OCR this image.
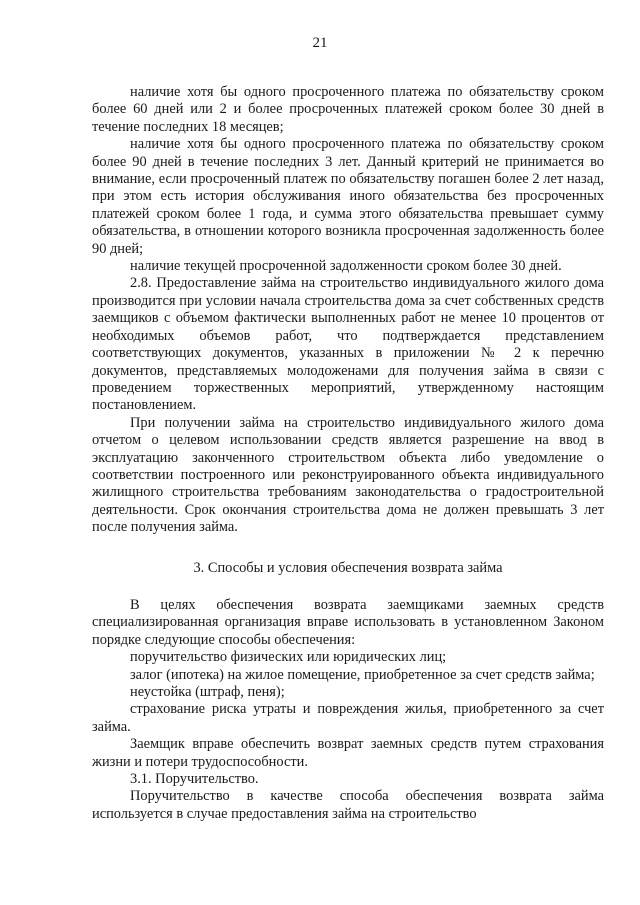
21

наличие хотя бы одного просроченного платежа по обязательству сроком более 60 дней или 2 и более просроченных платежей сроком более 30 дней в течение последних 18 месяцев;

наличие хотя бы одного просроченного платежа по обязательству сроком более 90 дней в течение последних 3 лет. Данный критерий не принимается во внимание, если просроченный платеж по обязательству погашен более 2 лет назад, при этом есть история обслуживания иного обязательства без просроченных платежей сроком более 1 года, и сумма этого обязательства превышает сумму обязательства, в отношении которого возникла просроченная задолженность более 90 дней;

наличие текущей просроченной задолженности сроком более 30 дней.

2.8. Предоставление займа на строительство индивидуального жилого дома производится при условии начала строительства дома за счет собственных средств заемщиков с объемом фактически выполненных работ не менее 10 процентов от необходимых объемов работ, что подтверждается представлением соответствующих документов, указанных в приложении № 2 к перечню документов, представляемых молодоженами для получения займа в связи с проведением торжественных мероприятий, утвержденному настоящим постановлением.

При получении займа на строительство индивидуального жилого дома отчетом о целевом использовании средств является разрешение на ввод в эксплуатацию законченного строительством объекта либо уведомление о соответствии построенного или реконструированного объекта индивидуального жилищного строительства требованиям законодательства о градостроительной деятельности. Срок окончания строительства дома не должен превышать 3 лет после получения займа.

3. Способы и условия обеспечения возврата займа

В целях обеспечения возврата заемщиками заемных средств специализированная организация вправе использовать в установленном Законом порядке следующие способы обеспечения:

поручительство физических или юридических лиц;

залог (ипотека) на жилое помещение, приобретенное за счет средств займа;

неустойка (штраф, пеня);

страхование риска утраты и повреждения жилья, приобретенного за счет займа.

Заемщик вправе обеспечить возврат заемных средств путем страхования жизни и потери трудоспособности.

3.1. Поручительство.

Поручительство в качестве способа обеспечения возврата займа используется в случае предоставления займа на строительство
